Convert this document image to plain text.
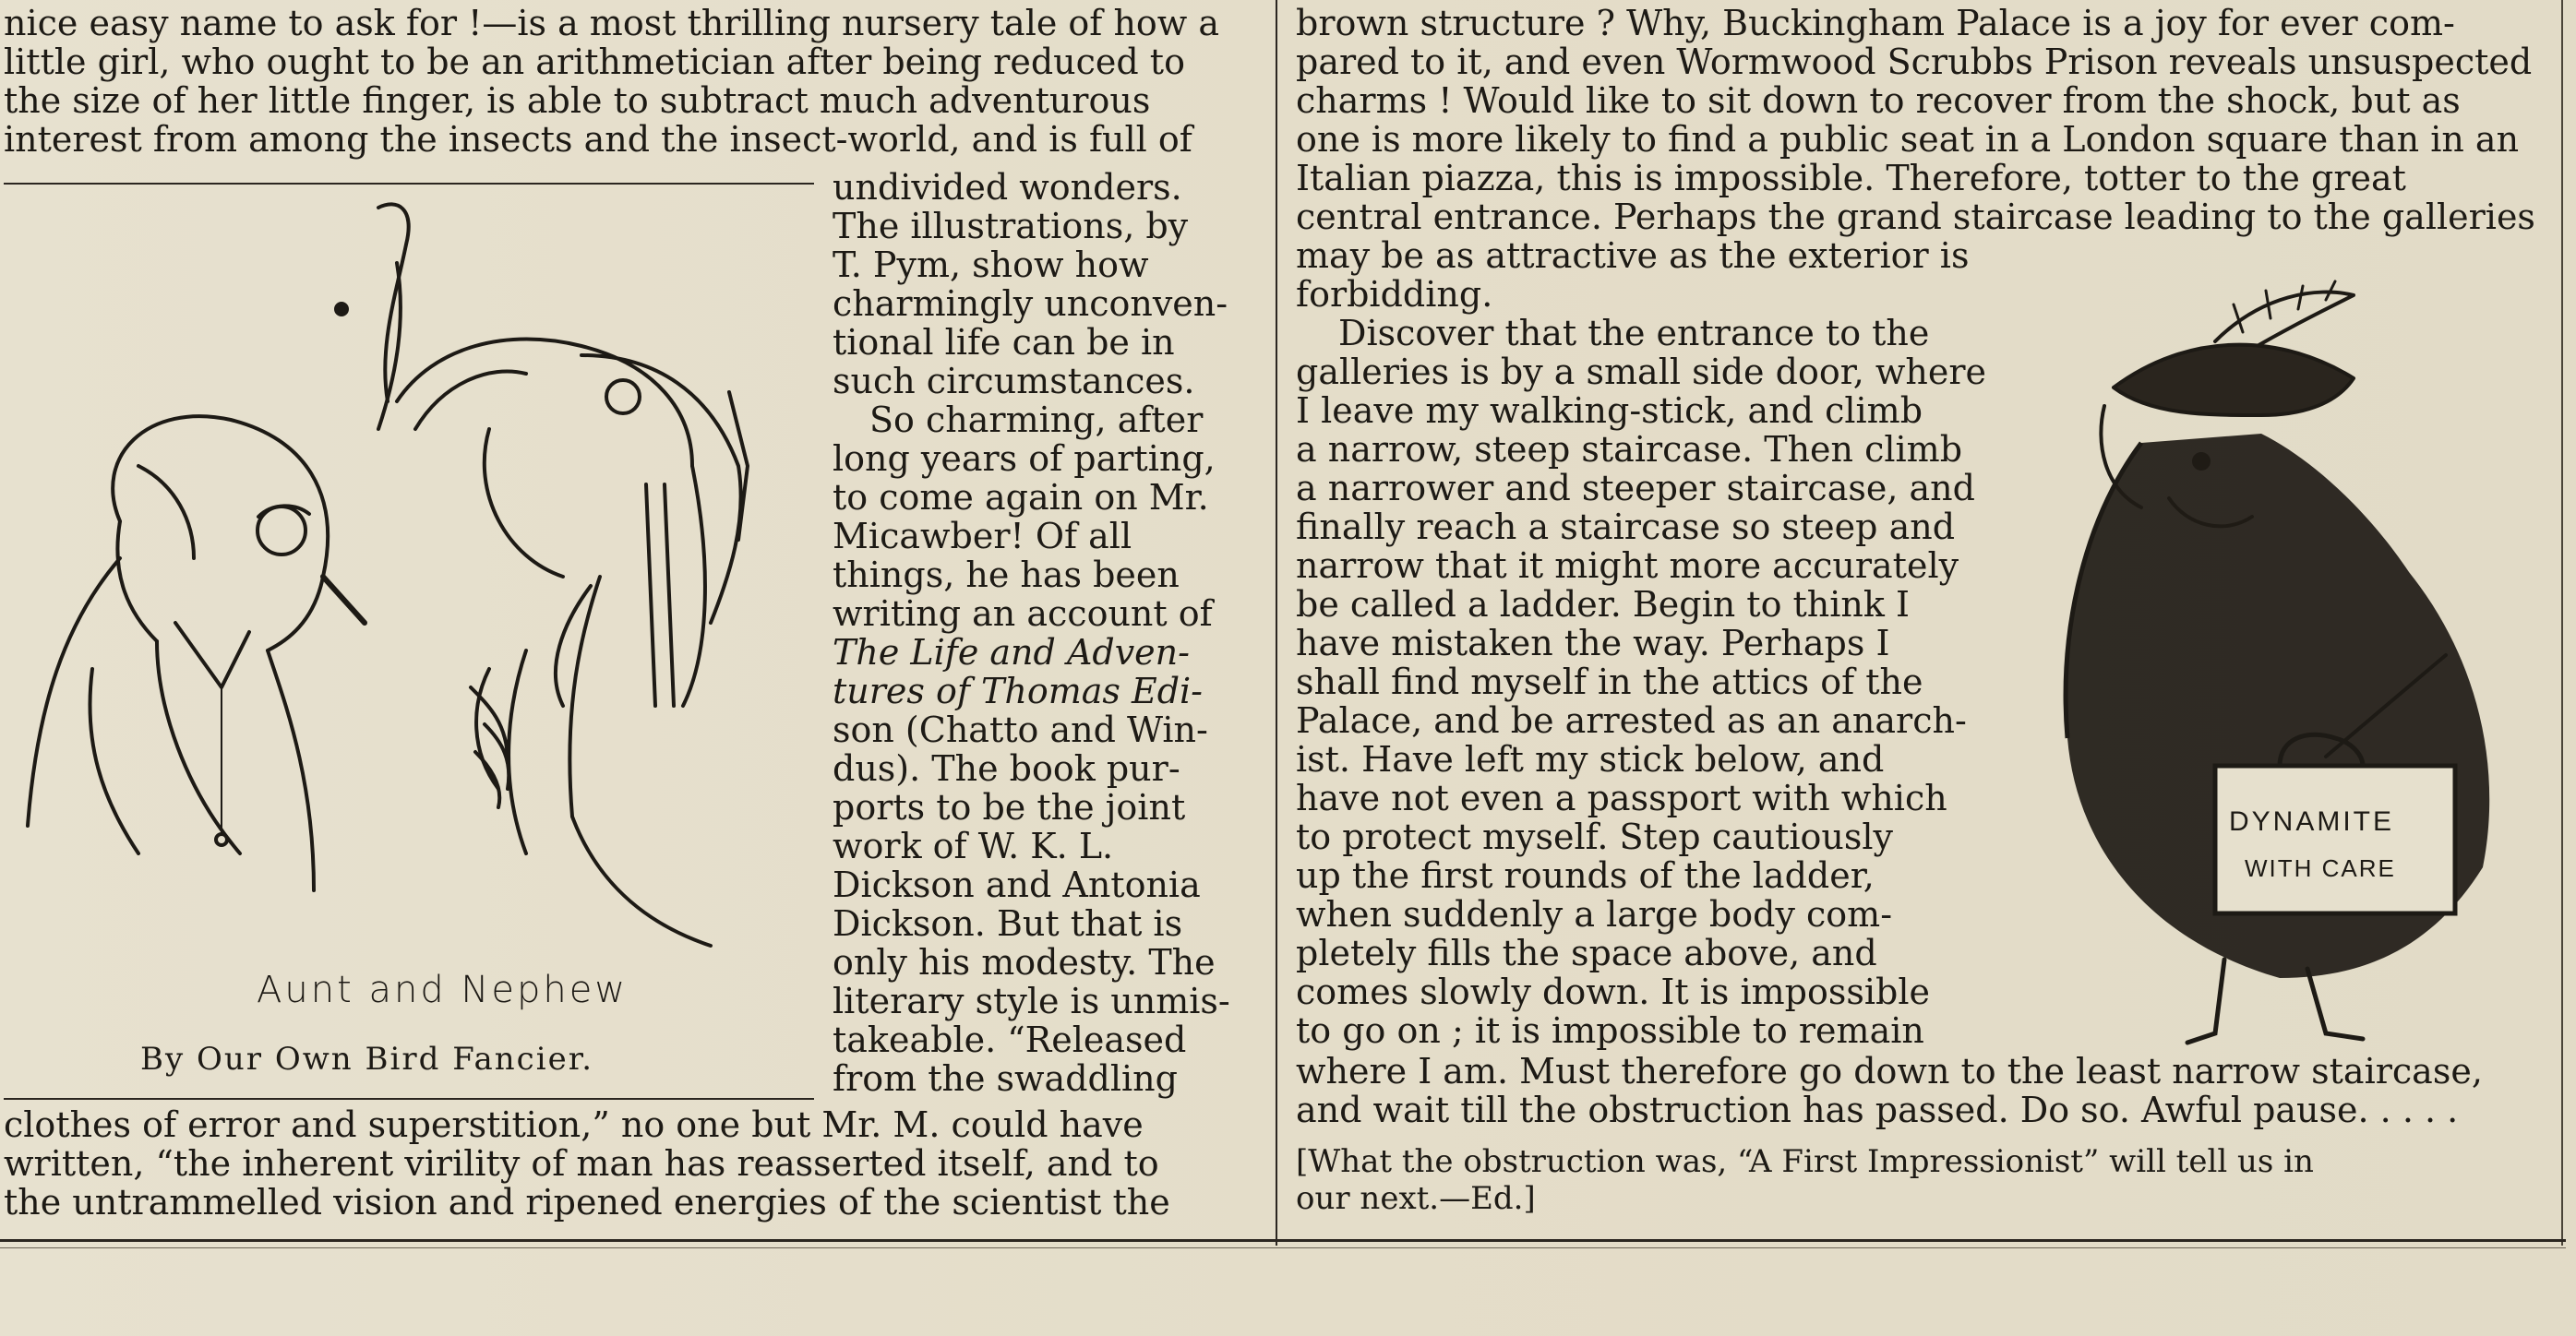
nice easy name to ask for !—is a most thrilling nursery tale of how a
little girl, who ought to be an arithmetician after being reduced to
the size of her little finger, is able to subtract much adventurous
interest from among the insects and the insect-world, and is full of
Aunt and Nephew
By Our Own Bird Fancier.
undivided wonders.
The illustrations, by
T. Pym, show how
charmingly unconven-
tional life can be in
such circumstances.
So charming, after
long years of parting,
to come again on Mr.
Micawber! Of all
things, he has been
writing an account of
The Life and Adven-
tures of Thomas Edi-
son (Chatto and Win-
dus). The book pur-
ports to be the joint
work of W. K. L.
Dickson and Antonia
Dickson. But that is
only his modesty. The
literary style is unmis-
takeable. “Released
from the swaddling
clothes of error and superstition,” no one but Mr. M. could have
written, “the inherent virility of man has reasserted itself, and to
the untrammelled vision and ripened energies of the scientist the
brown structure ? Why, Buckingham Palace is a joy for ever com-
pared to it, and even Wormwood Scrubbs Prison reveals unsuspected
charms ! Would like to sit down to recover from the shock, but as
one is more likely to find a public seat in a London square than in an
Italian piazza, this is impossible. Therefore, totter to the great
central entrance. Perhaps the grand staircase leading to the galleries
may be as attractive as the exterior is
forbidding.
Discover that the entrance to the
galleries is by a small side door, where
I leave my walking-stick, and climb
a narrow, steep staircase. Then climb
a narrower and steeper staircase, and
finally reach a staircase so steep and
narrow that it might more accurately
be called a ladder. Begin to think I
have mistaken the way. Perhaps I
shall find myself in the attics of the
Palace, and be arrested as an anarch-
ist. Have left my stick below, and
have not even a passport with which
to protect myself. Step cautiously
up the first rounds of the ladder,
when suddenly a large body com-
pletely fills the space above, and
comes slowly down. It is impossible
to go on ; it is impossible to remain
DYNAMITE
WITH CARE
where I am. Must therefore go down to the least narrow staircase,
and wait till the obstruction has passed. Do so. Awful pause. . . . .
[What the obstruction was, “A First Impressionist” will tell us in
our next.—Ed.]
